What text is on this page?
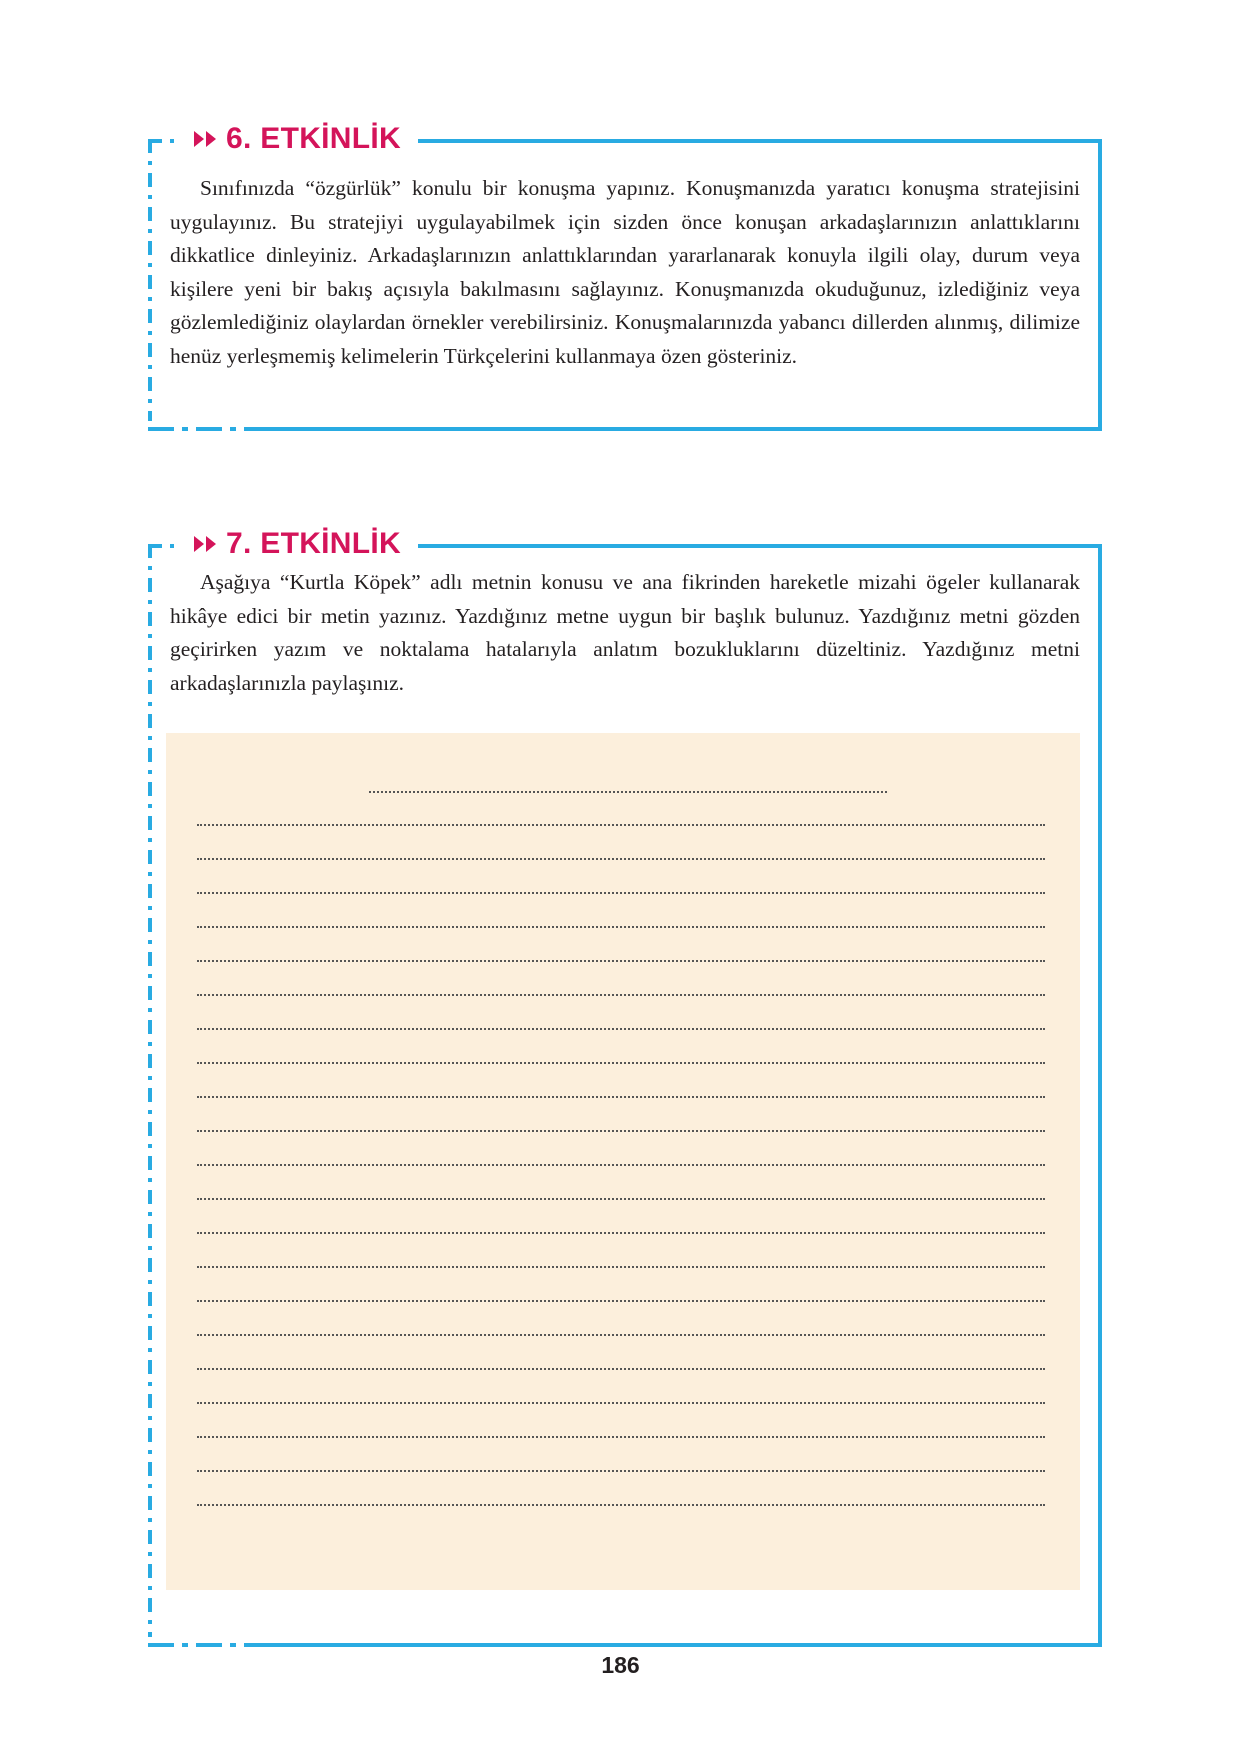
6. ETKİNLİK

Sınıfınızda “özgürlük” konulu bir konuşma yapınız. Konuşmanızda yaratıcı konuşma stratejisini uygulayınız. Bu stratejiyi uygulayabilmek için sizden önce konuşan arkadaşlarınızın anlattıklarını dikkatlice dinleyiniz. Arkadaşlarınızın anlattıklarından yararlanarak konuyla ilgili olay, durum veya kişilere yeni bir bakış açısıyla bakılmasını sağlayınız. Konuşmanızda okuduğunuz, izlediğiniz veya gözlemlediğiniz olaylardan örnekler verebilirsiniz. Konuşmalarınızda yabancı dillerden alınmış, dilimize henüz yerleşmemiş kelimelerin Türkçelerini kullanmaya özen gösteriniz.

7. ETKİNLİK

Aşağıya “Kurtla Köpek” adlı metnin konusu ve ana fikrinden hareketle mizahi ögeler kullanarak hikâye edici bir metin yazınız. Yazdığınız metne uygun bir başlık bulunuz. Yazdığınız metni gözden geçirirken yazım ve noktalama hatalarıyla anlatım bozukluklarını düzeltiniz. Yazdığınız metni arkadaşlarınızla paylaşınız.

186
